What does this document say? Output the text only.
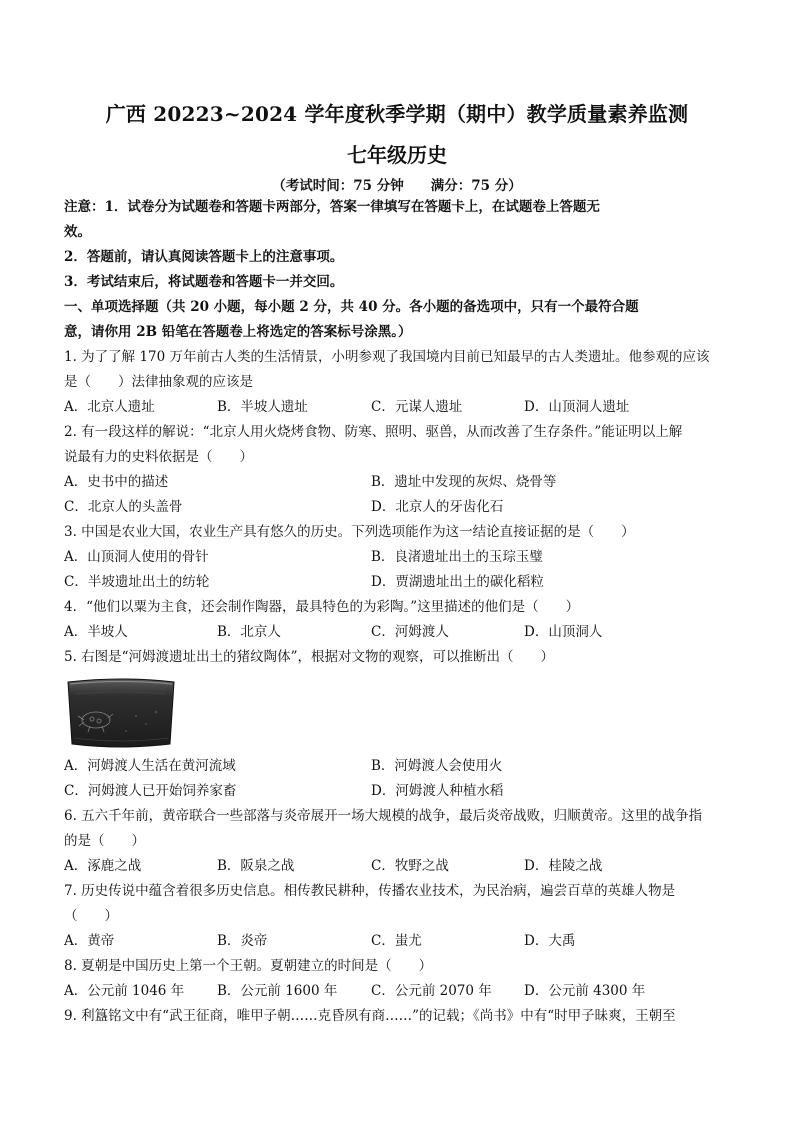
广西 20223~2024 学年度秋季学期（期中）教学质量素养监测
七年级历史
（考试时间：75 分钟　　满分：75 分）
注意：1．试卷分为试题卷和答题卡两部分，答案一律填写在答题卡上，在试题卷上答题无
效。
2．答题前，请认真阅读答题卡上的注意事项。
3．考试结束后，将试题卷和答题卡一并交回。
一、单项选择题（共 20 小题，每小题 2 分，共 40 分。各小题的备选项中，只有一个最符合题
意，请你用 2B 铅笔在答题卷上将选定的答案标号涂黑。）
1. 为了了解 170 万年前古人类的生活情景，小明参观了我国境内目前已知最早的古人类遗址。他参观的应该
是（　　）法律抽象观的应该是
A．北京人遗址	B．半坡人遗址	C．元谋人遗址	D．山顶洞人遗址
2. 有一段这样的解说：“北京人用火烧烤食物、防寒、照明、驱兽，从而改善了生存条件。”能证明以上解
说最有力的史料依据是（　　）
A．史书中的描述	B．遗址中发现的灰烬、烧骨等
C．北京人的头盖骨	D．北京人的牙齿化石
3. 中国是农业大国，农业生产具有悠久的历史。下列选项能作为这一结论直接证据的是（　　）
A．山顶洞人使用的骨针	B．良渚遗址出土的玉琮玉璧
C．半坡遗址出土的纺轮	D．贾湖遗址出土的碳化稻粒
4．“他们以粟为主食，还会制作陶器，最具特色的为彩陶。”这里描述的他们是（　　）
A．半坡人	B．北京人	C．河姆渡人	D．山顶洞人
5. 右图是“河姆渡遗址出土的猪纹陶体”，根据对文物的观察，可以推断出（　　）
A．河姆渡人生活在黄河流域	B．河姆渡人会使用火
C．河姆渡人已开始饲养家畜	D．河姆渡人种植水稻
6. 五六千年前，黄帝联合一些部落与炎帝展开一场大规模的战争，最后炎帝战败，归顺黄帝。这里的战争指
的是（　　）
A．涿鹿之战	B．阪泉之战	C．牧野之战	D．桂陵之战
7. 历史传说中蕴含着很多历史信息。相传教民耕种，传播农业技术，为民治病，遍尝百草的英雄人物是
（　　）
A．黄帝	B．炎帝	C．蚩尤	D．大禹
8. 夏朝是中国历史上第一个王朝。夏朝建立的时间是（　　）
A．公元前 1046 年 B．公元前 1600 年 C．公元前 2070 年 D．公元前 4300 年
9. 利簋铭文中有“武王征商，唯甲子朝……克昏夙有商……”的记载；《尚书》中有“时甲子昧爽，王朝至
